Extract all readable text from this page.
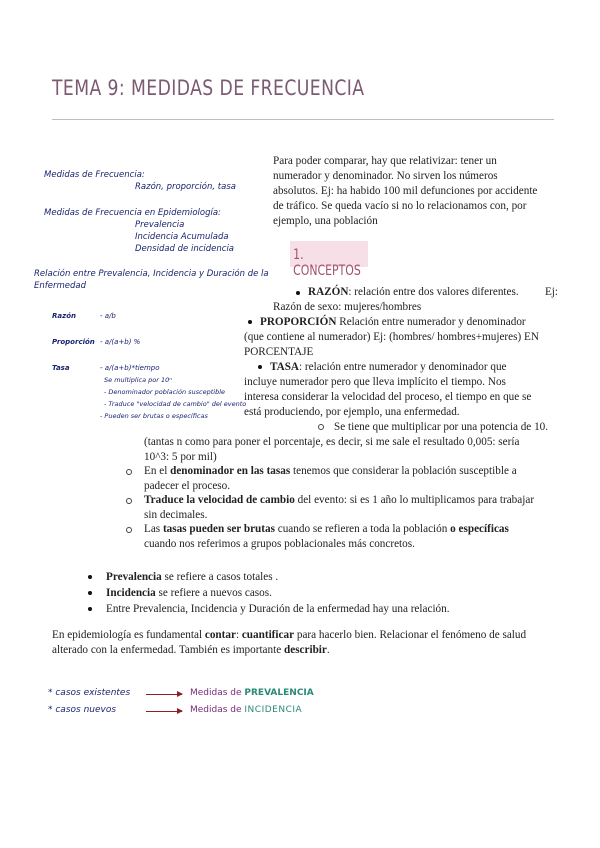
TEMA 9: MEDIDAS DE FRECUENCIA
Medidas de Frecuencia:
Razón, proporción, tasa
Medidas de Frecuencia en Epidemiología:
Prevalencia
Incidencia Acumulada
Densidad de incidencia
Relación entre Prevalencia, Incidencia y Duración de la
Enfermedad
Razón	- a/b
Proporción - a/(a+b) %
Tasa	- a/(a+b)*tiempo
Se multiplica por 10ⁿ
- Denominador población susceptible
- Traduce "velocidad de cambio" del evento
- Pueden ser brutas o específicas
Para poder comparar, hay que relativizar: tener un
numerador y denominador. No sirven los números
absolutos. Ej: ha habido 100 mil defunciones por accidente
de tráfico. Se queda vacío si no lo relacionamos con, por
ejemplo, una población
1. CONCEPTOS
RAZÓN: relación entre dos valores diferentes. Ej:
Razón de sexo: mujeres/hombres
PROPORCIÓN Relación entre numerador y denominador
(que contiene al numerador) Ej: (hombres/ hombres+mujeres) EN
PORCENTAJE
TASA: relación entre numerador y denominador que
incluye numerador pero que lleva implícito el tiempo. Nos
interesa considerar la velocidad del proceso, el tiempo en que se
está produciendo, por ejemplo, una enfermedad.
Se tiene que multiplicar por una potencia de 10.
(tantas n como para poner el porcentaje, es decir, si me sale el resultado 0,005: sería
10^3: 5 por mil)
En el denominador en las tasas tenemos que considerar la población susceptible a
padecer el proceso.
Traduce la velocidad de cambio del evento: si es 1 año lo multiplicamos para trabajar
sin decimales.
Las tasas pueden ser brutas cuando se refieren a toda la población o específicas
cuando nos referimos a grupos poblacionales más concretos.
Prevalencia se refiere a casos totales .
Incidencia se refiere a nuevos casos.
Entre Prevalencia, Incidencia y Duración de la enfermedad hay una relación.
En epidemiología es fundamental contar: cuantificar para hacerlo bien. Relacionar el fenómeno de salud
alterado con la enfermedad. También es importante describir.
* casos existentes	Medidas de PREVALENCIA
* casos nuevos	Medidas de INCIDENCIA
